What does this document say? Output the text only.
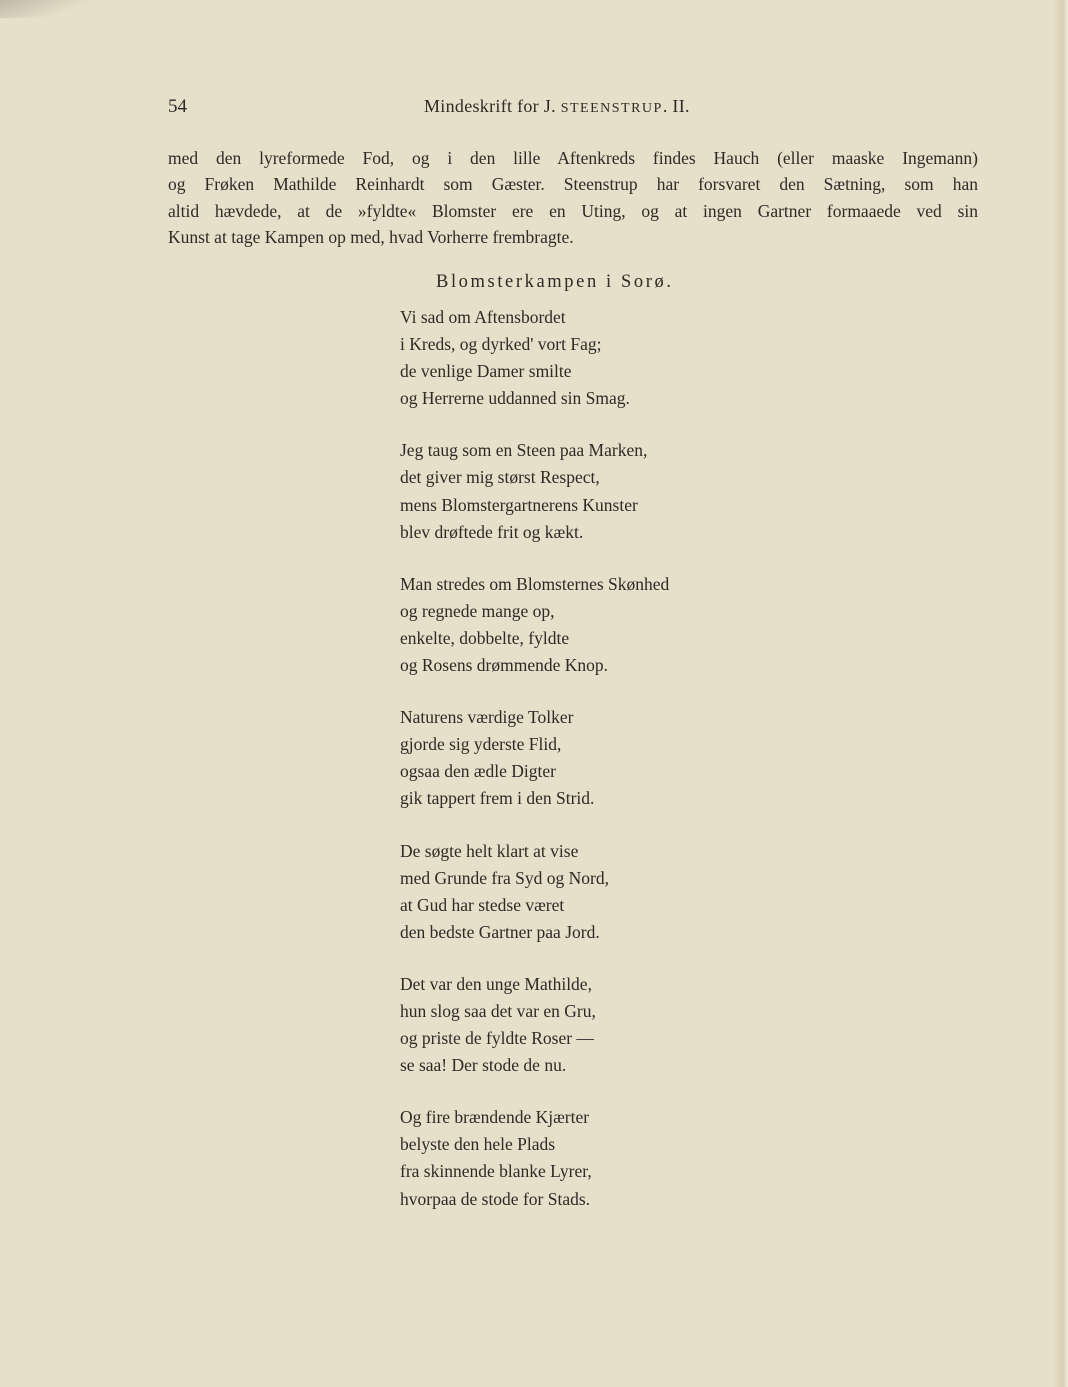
54	Mindeskrift for J. STEENSTRUP. II.
med den lyreformede Fod, og i den lille Aftenkreds findes Hauch (eller maaske Ingemann)
og Frøken Mathilde Reinhardt som Gæster. Steenstrup har forsvaret den Sætning, som han
altid hævdede, at de »fyldte« Blomster ere en Uting, og at ingen Gartner formaaede ved sin
Kunst at tage Kampen op med, hvad Vorherre frembragte.
Blomsterkampen i Sorø.
Vi sad om Aftensbordet
i Kreds, og dyrked' vort Fag;
de venlige Damer smilte
og Herrerne uddanned sin Smag.
Jeg taug som en Steen paa Marken,
det giver mig størst Respect,
mens Blomstergartnerens Kunster
blev drøftede frit og kækt.
Man stredes om Blomsternes Skønhed
og regnede mange op,
enkelte, dobbelte, fyldte
og Rosens drømmende Knop.
Naturens værdige Tolker
gjorde sig yderste Flid,
ogsaa den ædle Digter
gik tappert frem i den Strid.
De søgte helt klart at vise
med Grunde fra Syd og Nord,
at Gud har stedse været
den bedste Gartner paa Jord.
Det var den unge Mathilde,
hun slog saa det var en Gru,
og priste de fyldte Roser —
se saa! Der stode de nu.
Og fire brændende Kjærter
belyste den hele Plads
fra skinnende blanke Lyrer,
hvorpaa de stode for Stads.
